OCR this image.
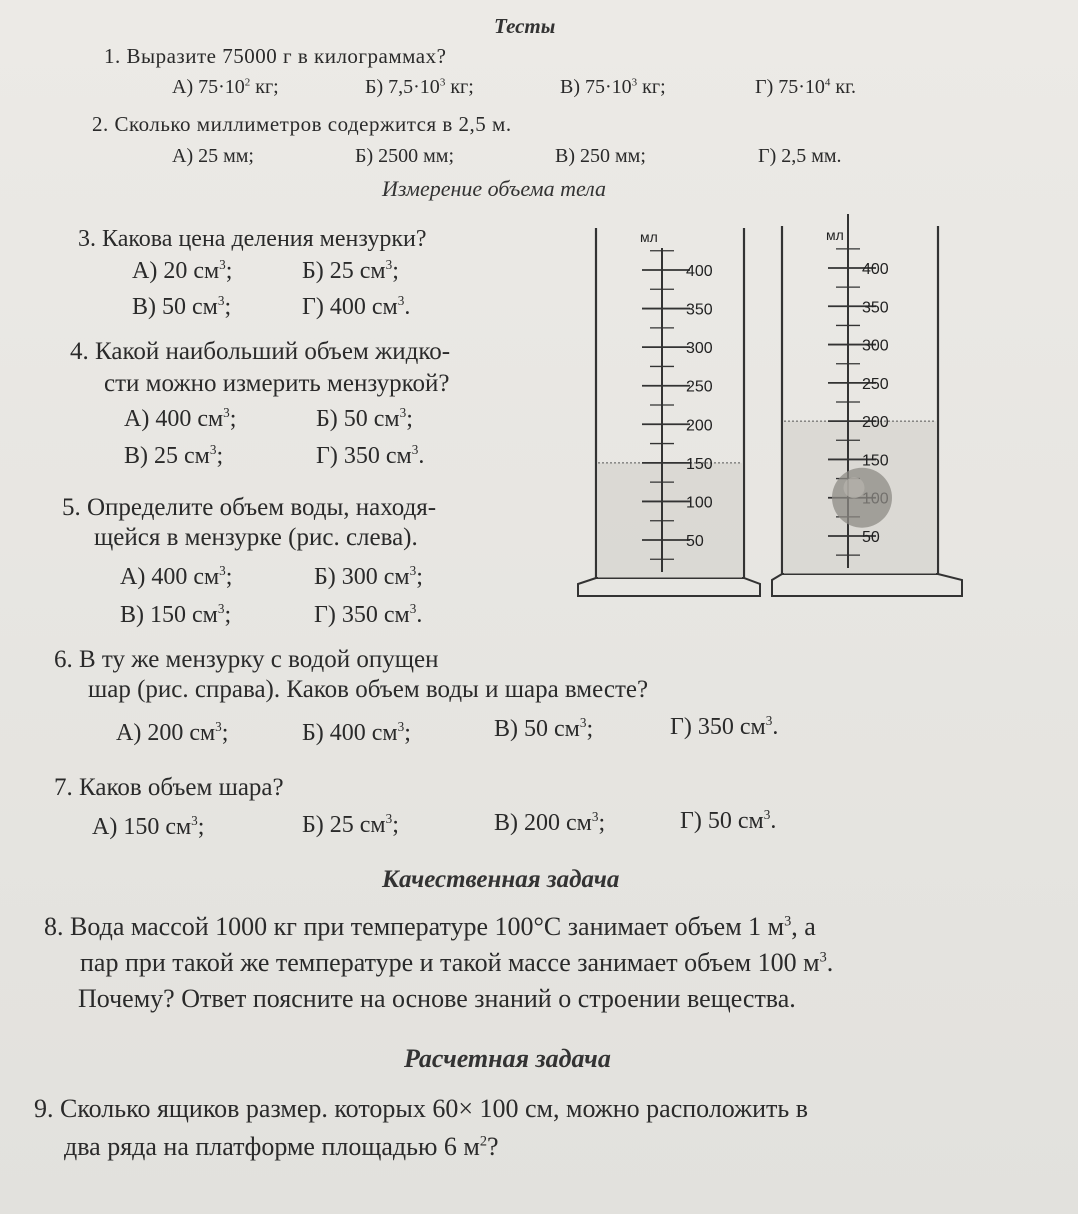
Тесты
1. Выразите 75000 г в килограммах?
А) $75\cdot 10^2$ кг;	Б) $7,5\cdot 10^3$ кг;	В) $75\cdot 10^3$ кг;	Г) $75\cdot 10^4$ кг.
2. Сколько миллиметров содержится в 2,5 м.
А) 25 мм;	Б) 2500 мм;	В) 250 мм;	Г) 2,5 мм.
Измерение объема тела
3. Какова цена деления мензурки?
А) 20 $см^3$;	Б) 25 $см^3$;
В) 50 $см^3$;	Г) 400 $см^3$.
4. Какой наибольший объем жидко-
сти можно измерить мензуркой?
А) 400 $см^3$;	Б) 50 $см^3$;
В) 25 $см^3$;	Г) 350 $см^3$.
5. Определите объем воды, находя-
щейся в мензурке (рис. слева).
А) 400 $см^3$;	Б) 300 $см^3$;
В) 150 $см^3$;	Г) 350 $см^3$.
400
350
300
250
200
150
100
50
мл
400
350
300
250
200
150
50
мл
6. В ту же мензурку с водой опущен
шар (рис. справа). Каков объем воды и шара вместе?
А) 200 $см^3$;	Б) 400 $см^3$;	В) 50 $см^3$;	Г) 350 $см^3$.
7. Каков объем шара?
А) 150 $см^3$;	Б) 25 $см^3$;	В) 200 $см^3$;	Г) 50 $см^3$.
Качественная задача
8. Вода массой 1000 кг при температуре 100°С занимает объем 1 $м^3$, а
пар при такой же температуре и такой массе занимает объем 100 $м^3$.
Почему? Ответ поясните на основе знаний о строении вещества.
Расчетная задача
9. Сколько ящиков размер. которых 60× 100 см, можно расположить в
два ряда на платформе площадью 6 $м^2$?
